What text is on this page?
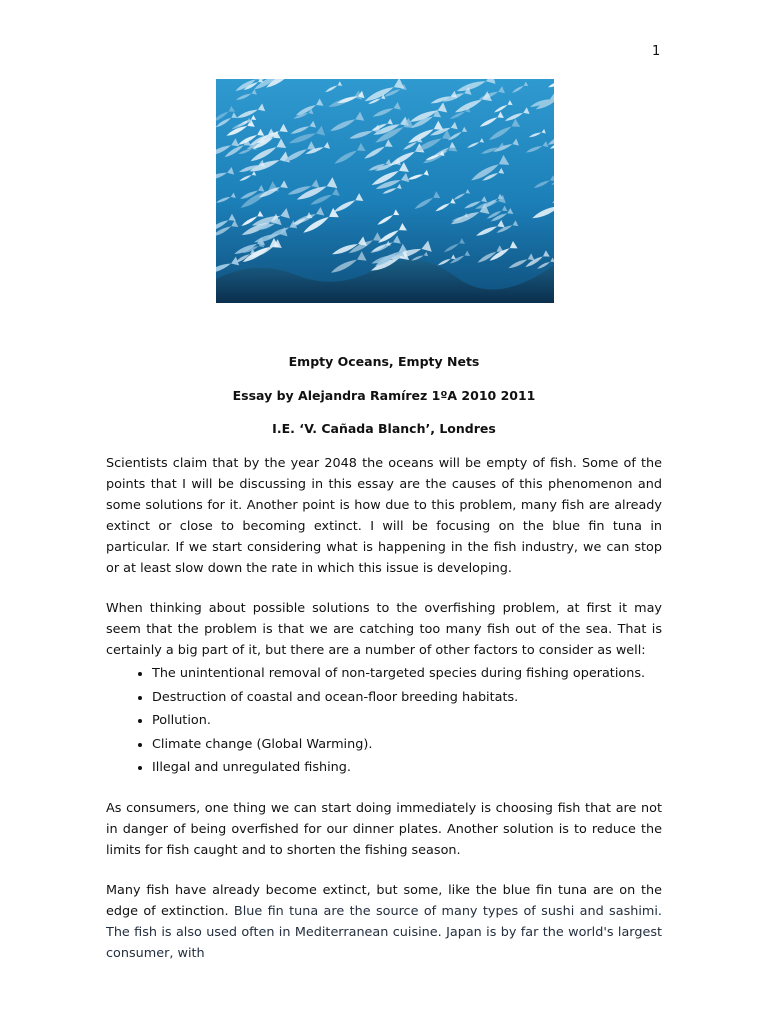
1
Empty Oceans, Empty Nets
Essay by Alejandra Ramírez 1ºA 2010 2011
I.E. ‘V. Cañada Blanch’, Londres

Scientists claim that by the year 2048 the oceans will be empty of fish. Some of the points that I will be discussing in this essay are the causes of this phenomenon and some solutions for it. Another point is how due to this problem, many fish are already extinct or close to becoming extinct. I will be focusing on the blue fin tuna in particular. If we start considering what is happening in the fish industry, we can stop or at least slow down the rate in which this issue is developing.

When thinking about possible solutions to the overfishing problem, at first it may seem that the problem is that we are catching too many fish out of the sea. That is certainly a big part of it, but there are a number of other factors to consider as well:

• The unintentional removal of non-targeted species during fishing operations.
• Destruction of coastal and ocean-floor breeding habitats.
• Pollution.
• Climate change (Global Warming).
• Illegal and unregulated fishing.

As consumers, one thing we can start doing immediately is choosing fish that are not in danger of being overfished for our dinner plates. Another solution is to reduce the limits for fish caught and to shorten the fishing season.

Many fish have already become extinct, but some, like the blue fin tuna are on the edge of extinction. Blue fin tuna are the source of many types of sushi and sashimi. The fish is also used often in Mediterranean cuisine. Japan is by far the world's largest consumer, with
